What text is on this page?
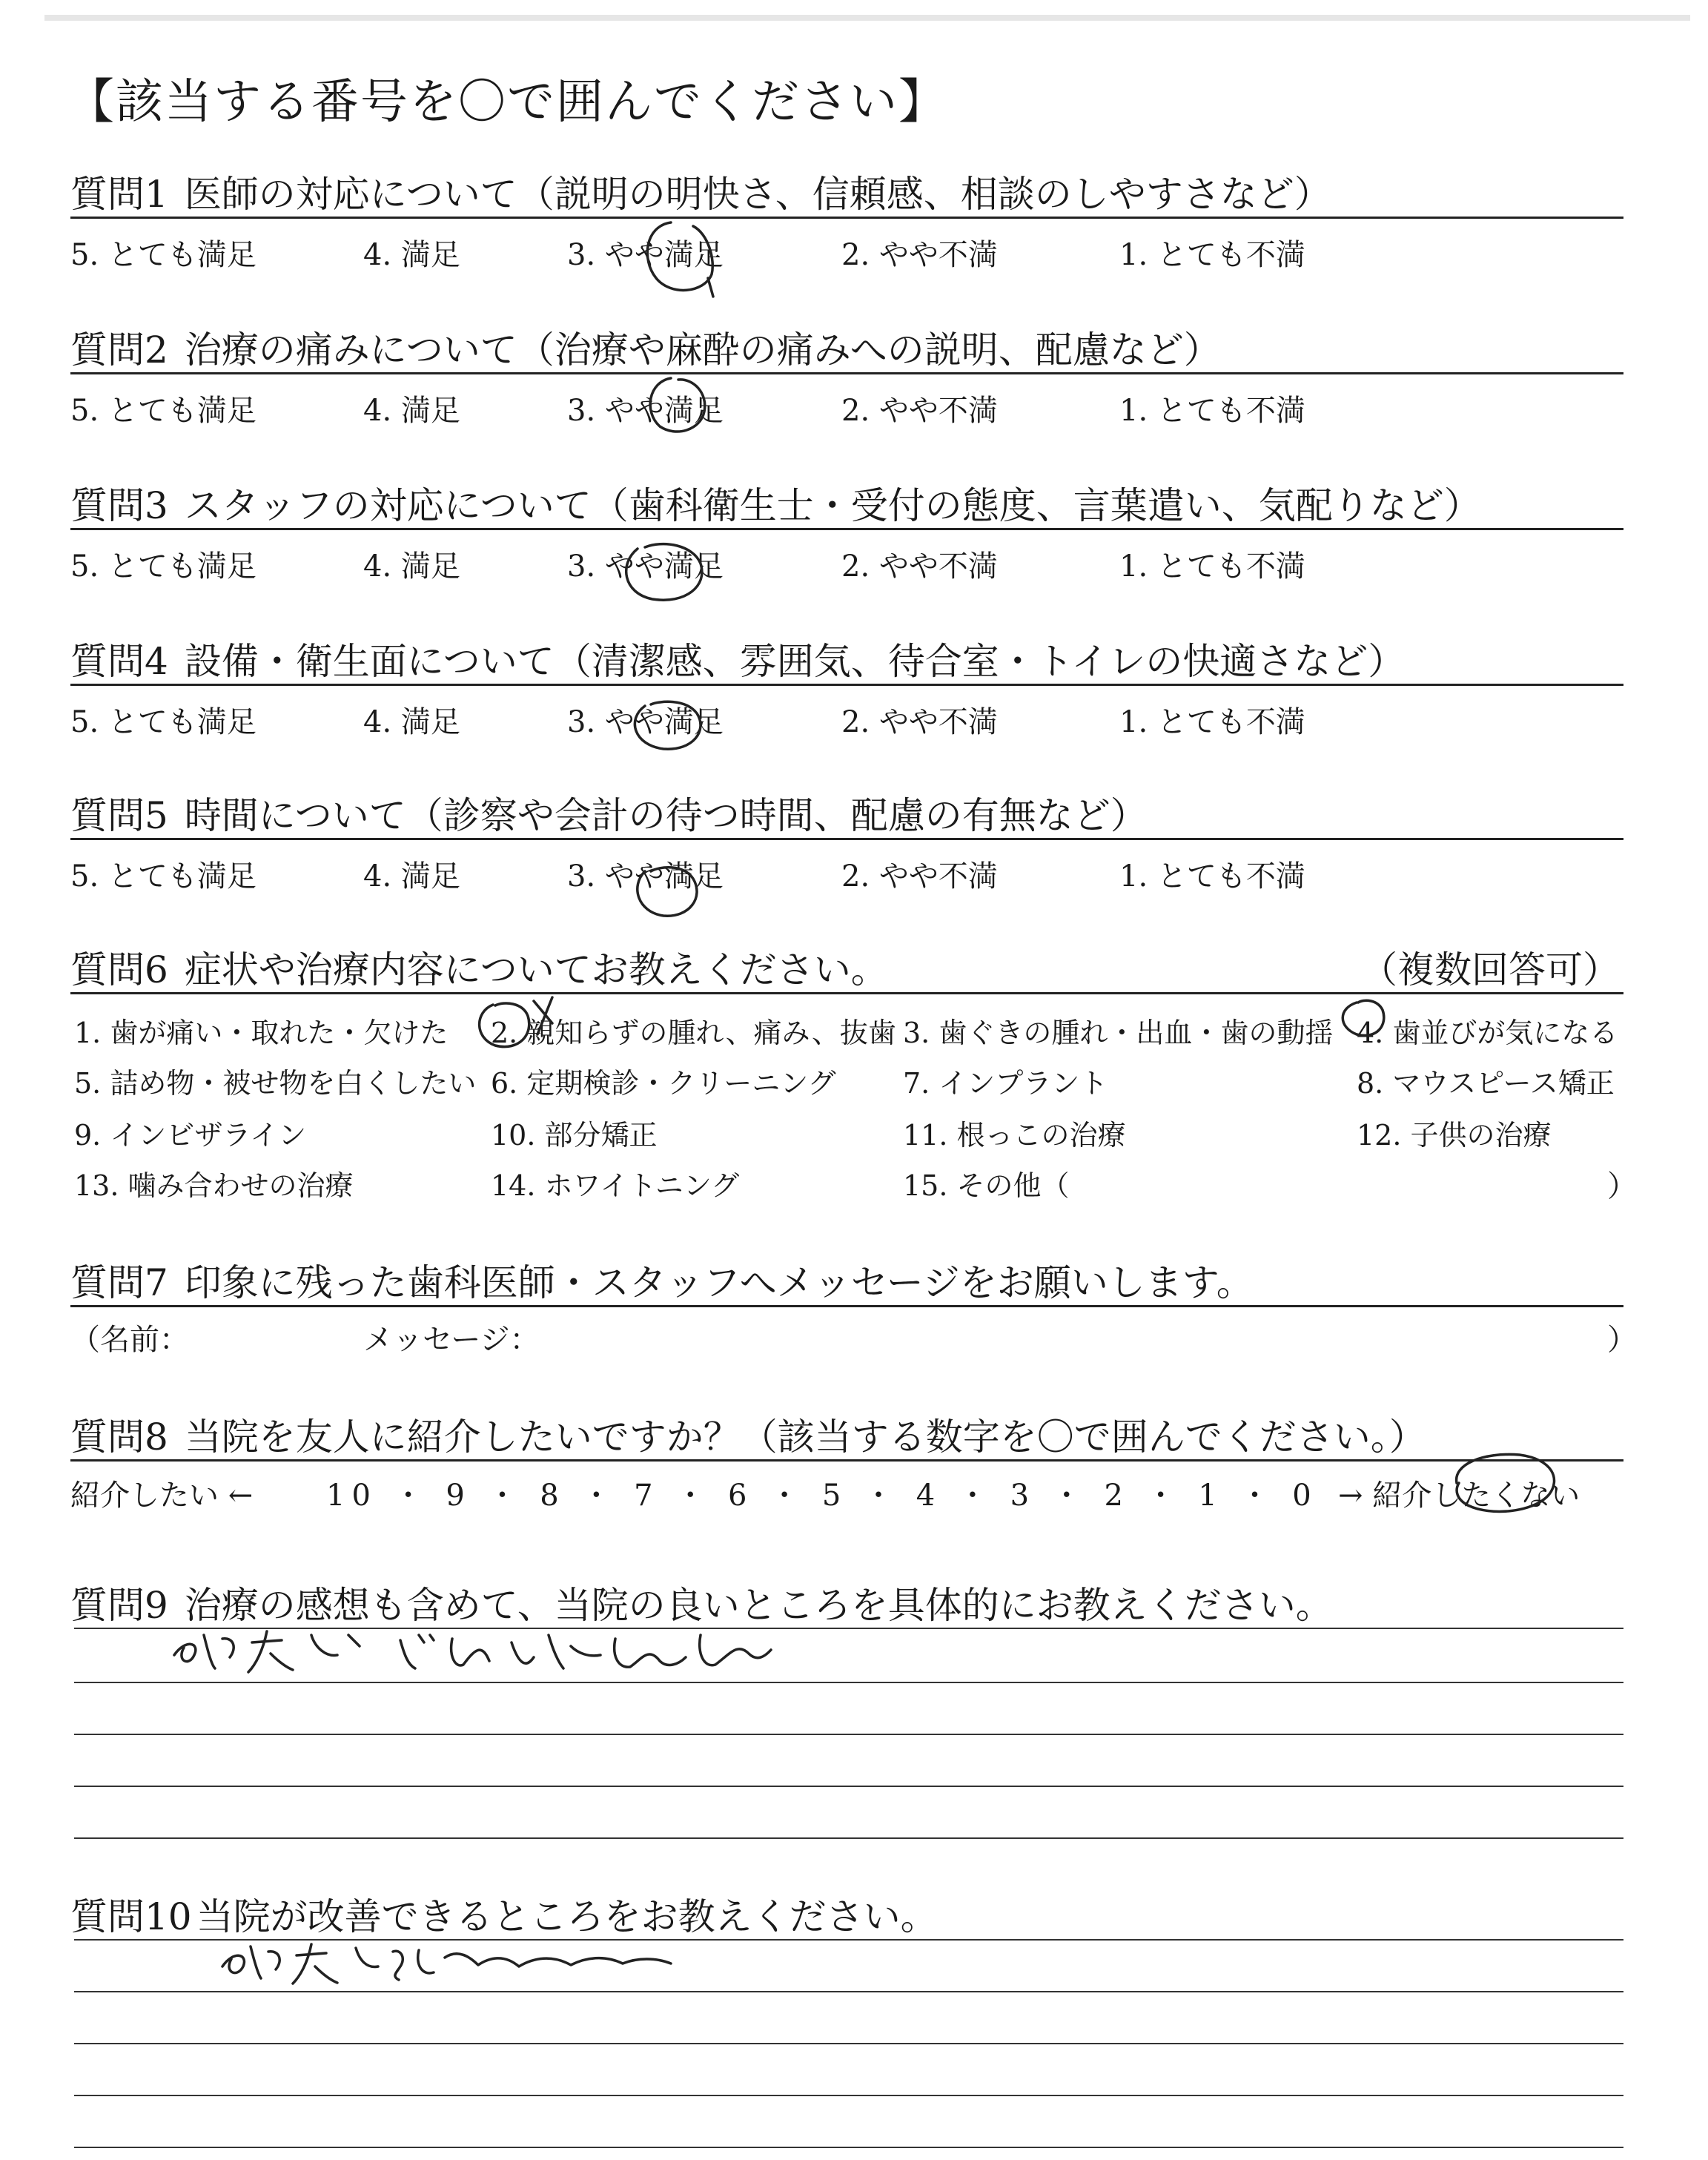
【該当する番号を〇で囲んでください】
質問1 医師の対応について（説明の明快さ、信頼感、相談のしやすさなど）
5. とても満足	4. 満足	3. やや満足	2. やや不満	1. とても不満
質問2 治療の痛みについて（治療や麻酔の痛みへの説明、配慮など）
5. とても満足	4. 満足	3. やや満足	2. やや不満	1. とても不満
質問3 スタッフの対応について（歯科衛生士・受付の態度、言葉遣い、気配りなど）
5. とても満足	4. 満足	3. やや満足	2. やや不満	1. とても不満
質問4 設備・衛生面について（清潔感、雰囲気、待合室・トイレの快適さなど）
5. とても満足	4. 満足	3. やや満足	2. やや不満	1. とても不満
質問5 時間について（診察や会計の待つ時間、配慮の有無など）
5. とても満足	4. 満足	3. やや満足	2. やや不満	1. とても不満
質問6 症状や治療内容についてお教えください。	（複数回答可）
1. 歯が痛い・取れた・欠けた 2. 親知らずの腫れ、痛み、抜歯 3. 歯ぐきの腫れ・出血・歯の動揺 4. 歯並びが気になる
5. 詰め物・被せ物を白くしたい 6. 定期検診・クリーニング 7. インプラント	8. マウスピース矯正
9. インビザライン	10. 部分矯正	11. 根っこの治療	12. 子供の治療
13. 噛み合わせの治療	14. ホワイトニング	15. その他（	）
質問7 印象に残った歯科医師・スタッフへメッセージをお願いします。
（名前：	メッセージ：	）
質問8 当院を友人に紹介したいですか？（該当する数字を〇で囲んでください。）
紹介したい ← 10 ・ 9 ・ 8 ・ 7 ・ 6 ・ 5 ・ 4 ・ 3 ・ 2 ・ 1 ・ 0 → 紹介したくない
質問9 治療の感想も含めて、当院の良いところを具体的にお教えください。
質問10 当院が改善できるところをお教えください。
